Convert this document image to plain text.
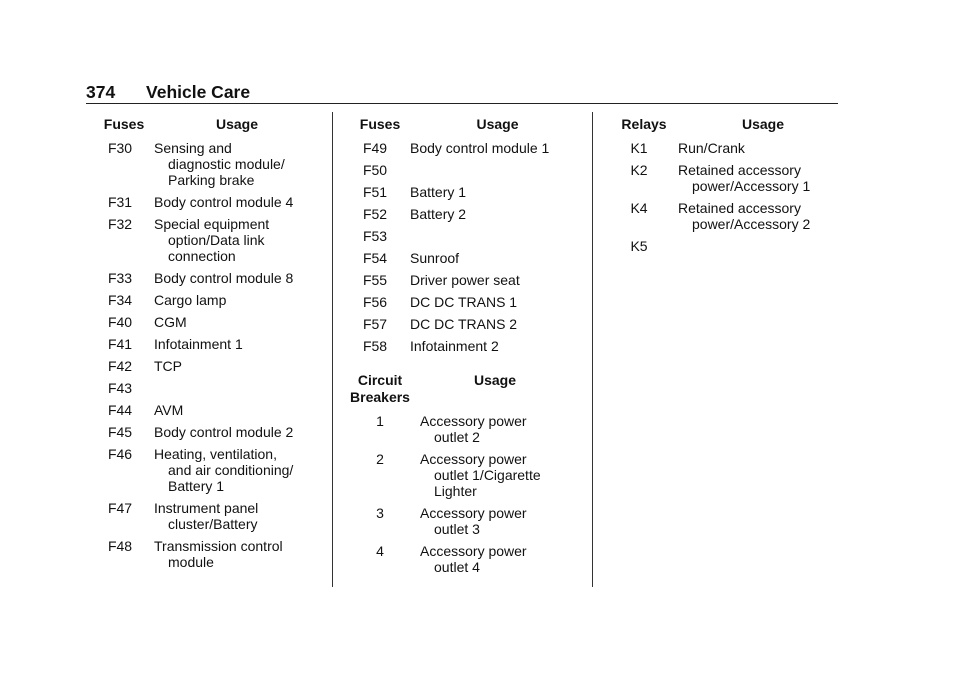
374 Vehicle Care
Fuses	Usage
F30	Sensing and
diagnostic module/
Parking brake
F31	Body control module 4
F32	Special equipment
option/Data link
connection
F33	Body control module 8
F34	Cargo lamp
F40	CGM
F41	Infotainment 1
F42	TCP
F43

F44	AVM
F45	Body control module 2
F46	Heating, ventilation,
and air conditioning/
Battery 1
F47	Instrument panel
cluster/Battery
F48	Transmission control
module
Fuses	Usage
F49	Body control module 1
F50

F51	Battery 1
F52	Battery 2
F53

F54	Sunroof
F55	Driver power seat
F56	DC DC TRANS 1
F57	DC DC TRANS 2
F58	Infotainment 2
Circuit
Breakers
Usage
1	Accessory power
outlet 2
2	Accessory power
outlet 1/Cigarette
Lighter
3	Accessory power
outlet 3
4	Accessory power
outlet 4
Relays	Usage
K1	Run/Crank
K2	Retained accessory
power/Accessory 1
K4	Retained accessory
power/Accessory 2
K5
